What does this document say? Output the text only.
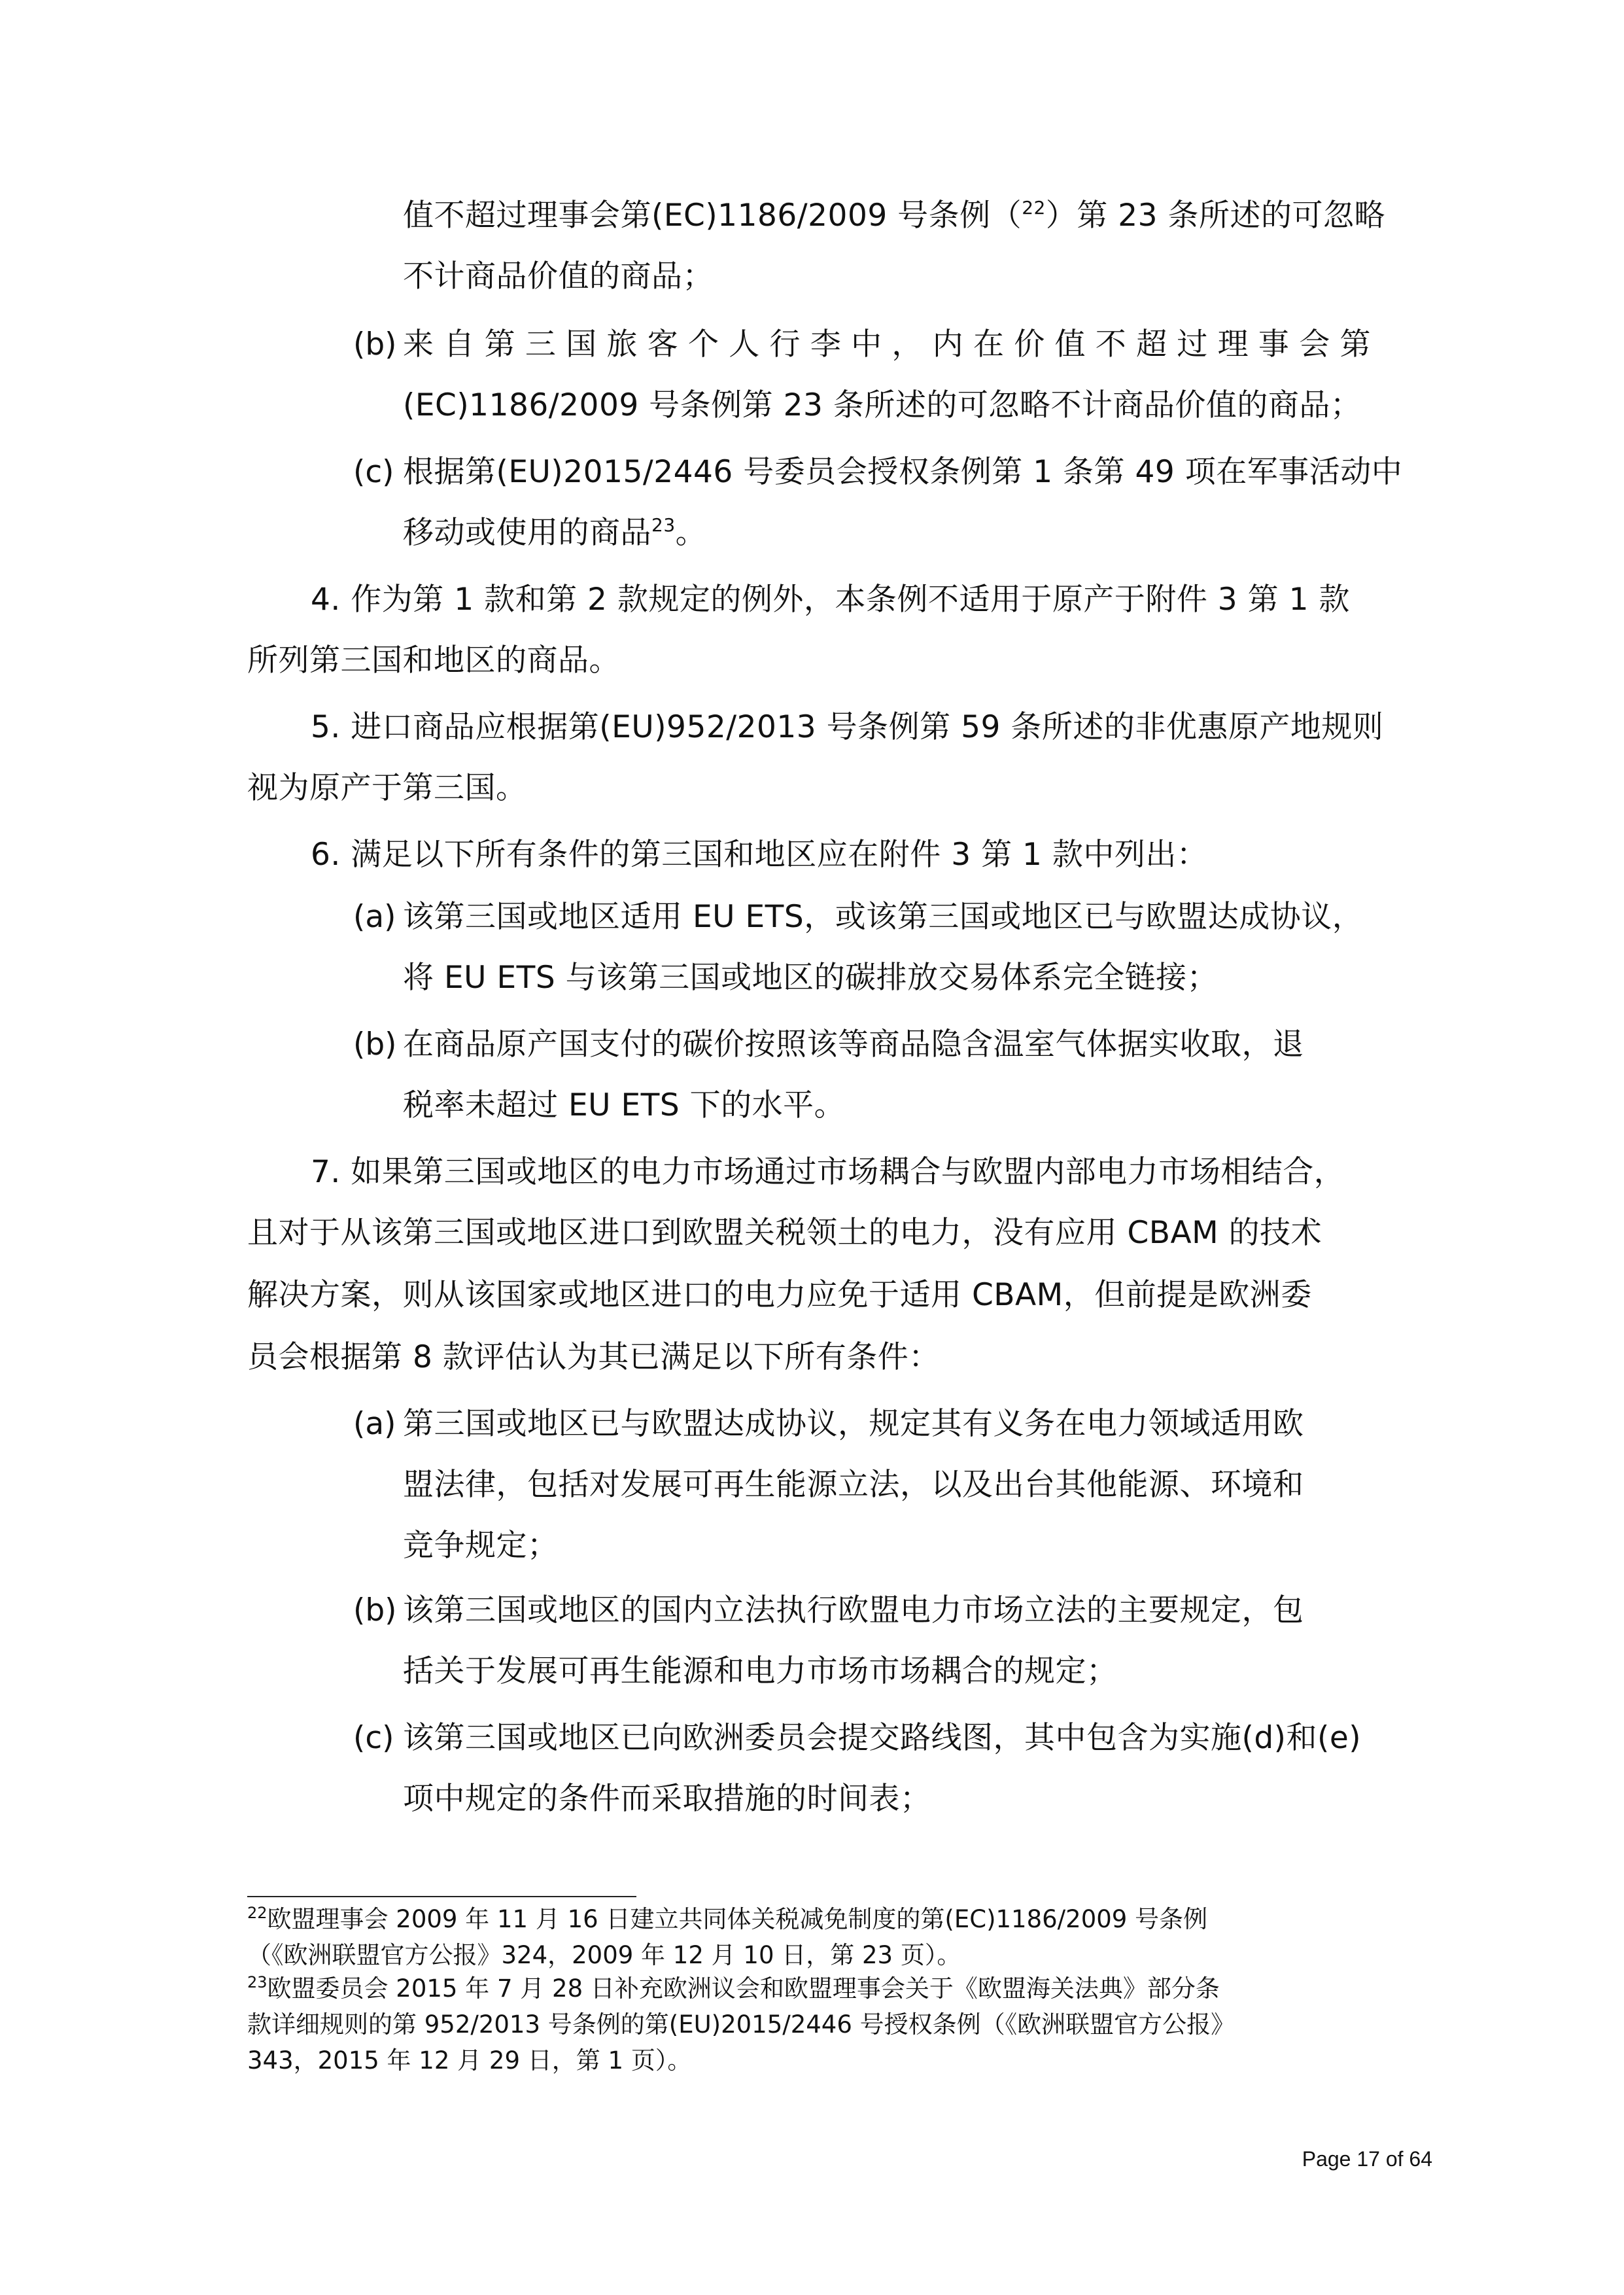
值不超过理事会第(EC)1186/2009 号条例（$^{22}$）第 23 条所述的可忽略
不计商品价值的商品；
(b) 来自第三国旅客个人行李中，内在价值不超过理事会第
(EC)1186/2009 号条例第 23 条所述的可忽略不计商品价值的商品；
(c) 根据第(EU)2015/2446 号委员会授权条例第 1 条第 49 项在军事活动中
移动或使用的商品$^{23}$。
4. 作为第 1 款和第 2 款规定的例外，本条例不适用于原产于附件 3 第 1 款
所列第三国和地区的商品。
5. 进口商品应根据第(EU)952/2013 号条例第 59 条所述的非优惠原产地规则
视为原产于第三国。
6. 满足以下所有条件的第三国和地区应在附件 3 第 1 款中列出：
(a) 该第三国或地区适用 EU ETS，或该第三国或地区已与欧盟达成协议，
将 EU ETS 与该第三国或地区的碳排放交易体系完全链接；
(b) 在商品原产国支付的碳价按照该等商品隐含温室气体据实收取，退
税率未超过 EU ETS 下的水平。
7. 如果第三国或地区的电力市场通过市场耦合与欧盟内部电力市场相结合，
且对于从该第三国或地区进口到欧盟关税领土的电力，没有应用 CBAM 的技术
解决方案，则从该国家或地区进口的电力应免于适用 CBAM，但前提是欧洲委
员会根据第 8 款评估认为其已满足以下所有条件：
(a) 第三国或地区已与欧盟达成协议，规定其有义务在电力领域适用欧
盟法律，包括对发展可再生能源立法，以及出台其他能源、环境和
竞争规定；
(b) 该第三国或地区的国内立法执行欧盟电力市场立法的主要规定，包
括关于发展可再生能源和电力市场市场耦合的规定；
(c) 该第三国或地区已向欧洲委员会提交路线图，其中包含为实施(d)和(e)
项中规定的条件而采取措施的时间表；
$^{22}$欧盟理事会 2009 年 11 月 16 日建立共同体关税减免制度的第(EC)1186/2009 号条例
（《欧洲联盟官方公报》324，2009 年 12 月 10 日，第 23 页）。
$^{23}$欧盟委员会 2015 年 7 月 28 日补充欧洲议会和欧盟理事会关于《欧盟海关法典》部分条
款详细规则的第 952/2013 号条例的第(EU)2015/2446 号授权条例（《欧洲联盟官方公报》
343，2015 年 12 月 29 日，第 1 页）。
Page 17 of 64
